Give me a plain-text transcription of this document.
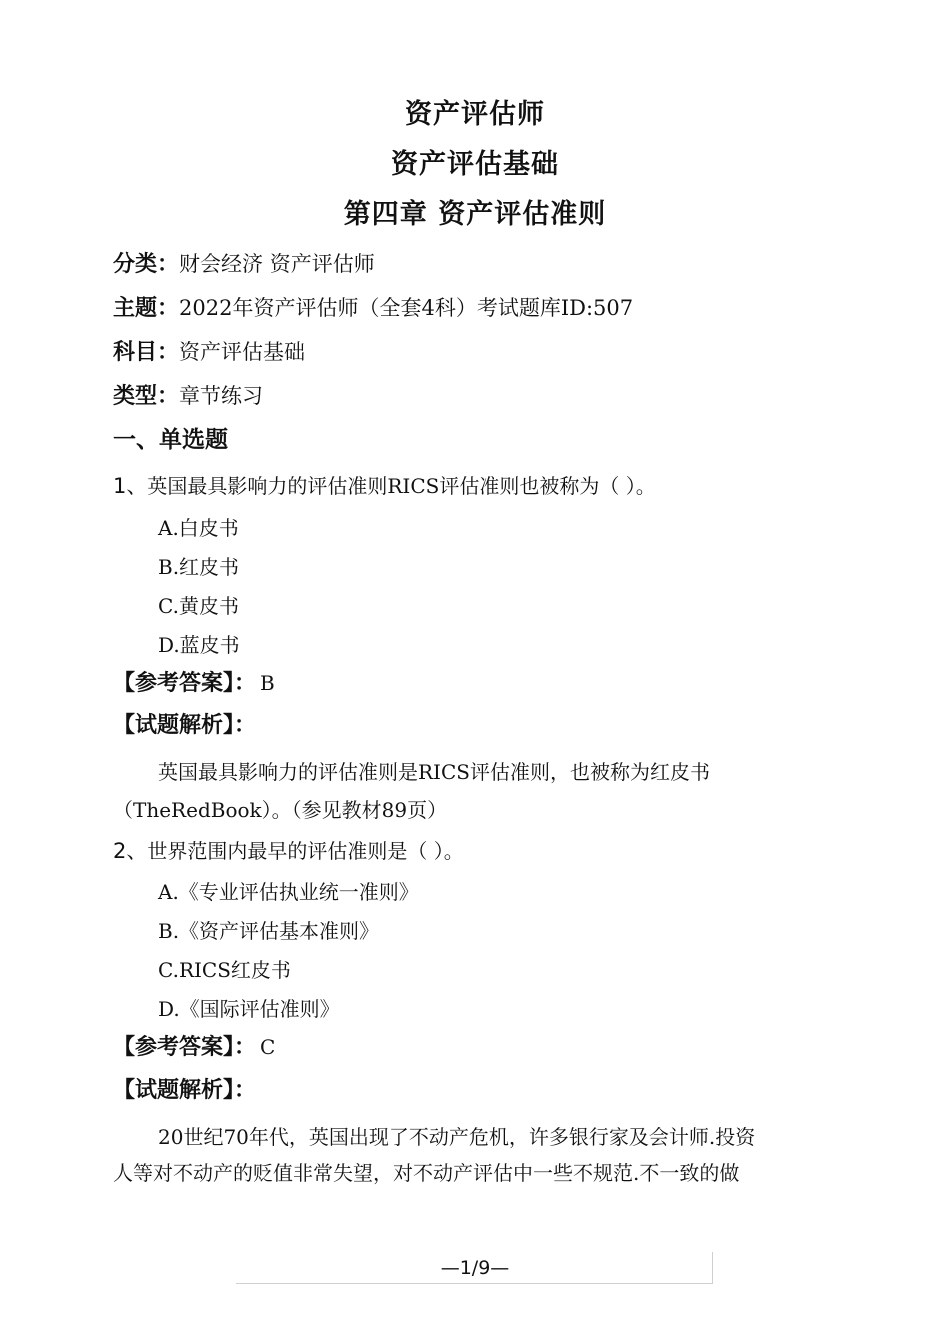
资产评估师
资产评估基础
第四章 资产评估准则
分类：财会经济 资产评估师
主题：2022年资产评估师（全套4科）考试题库ID:507
科目：资产评估基础
类型：章节练习
一、单选题
1、英国最具影响力的评估准则RICS评估准则也被称为（ ）。
A.白皮书
B.红皮书
C.黄皮书
D.蓝皮书
【参考答案】： B
【试题解析】：
英国最具影响力的评估准则是RICS评估准则，也被称为红皮书
（TheRedBook）。（参见教材89页）
2、世界范围内最早的评估准则是（ ）。
A.《专业评估执业统一准则》
B.《资产评估基本准则》
C.RICS红皮书
D.《国际评估准则》
【参考答案】： C
【试题解析】：
20世纪70年代，英国出现了不动产危机，许多银行家及会计师.投资
人等对不动产的贬值非常失望，对不动产评估中一些不规范.不一致的做
—1/9—
